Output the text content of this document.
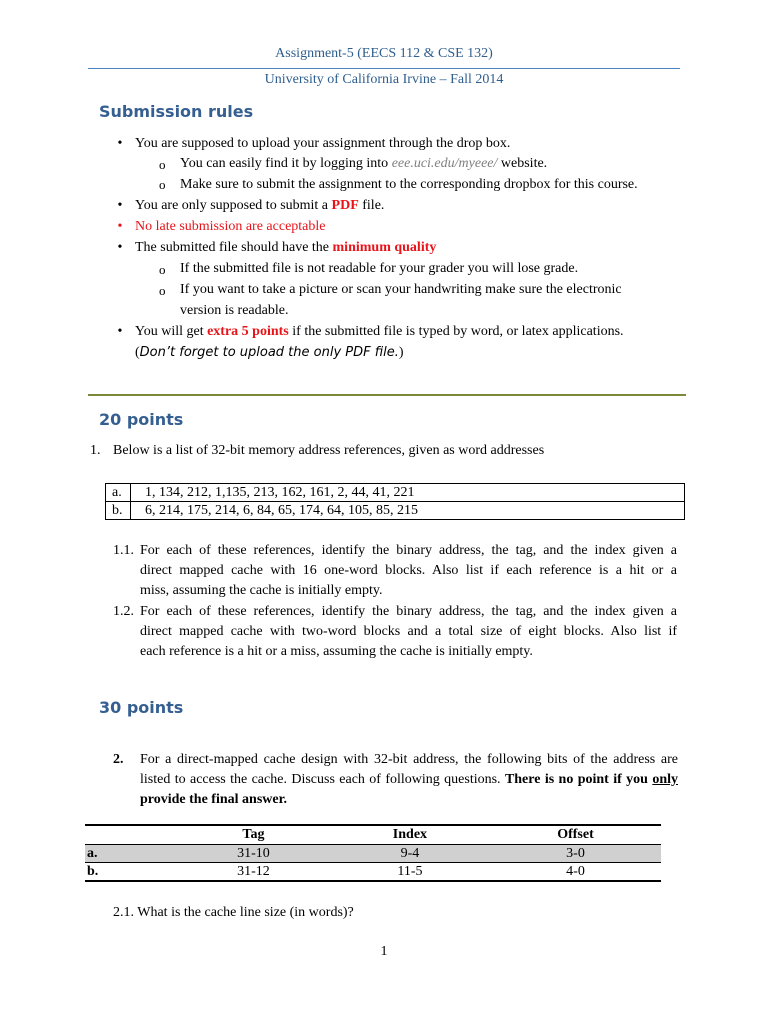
Assignment-5 (EECS 112 & CSE 132)
University of California Irvine – Fall 2014
Submission rules
• You are supposed to upload your assignment through the drop box.
o You can easily find it by logging into eee.uci.edu/myeee/ website.
o Make sure to submit the assignment to the corresponding dropbox for this course.
• You are only supposed to submit a PDF file.
• No late submission are acceptable
• The submitted file should have the minimum quality
o If the submitted file is not readable for your grader you will lose grade.
o If you want to take a picture or scan your handwriting make sure the electronic
version is readable.
• You will get extra 5 points if the submitted file is typed by word, or latex applications.
(Don’t forget to upload the only PDF file.)
20 points
1. Below is a list of 32-bit memory address references, given as word addresses
a.	1, 134, 212, 1,135, 213, 162, 161, 2, 44, 41, 221
b.	6, 214, 175, 214, 6, 84, 65, 174, 64, 105, 85, 215
1.1. For each of these references, identify the binary address, the tag, and the index given a
direct mapped cache with 16 one-word blocks. Also list if each reference is a hit or a
miss, assuming the cache is initially empty.
1.2. For each of these references, identify the binary address, the tag, and the index given a
direct mapped cache with two-word blocks and a total size of eight blocks. Also list if
each reference is a hit or a miss, assuming the cache is initially empty.
30 points
2. For a direct-mapped cache design with 32-bit address, the following bits of the address are
listed to access the cache. Discuss each of following questions. There is no point if you only
provide the final answer.
	Tag	Index	Offset
a.	31-10	9-4	3-0
b.	31-12	11-5	4-0
2.1. What is the cache line size (in words)?
1
